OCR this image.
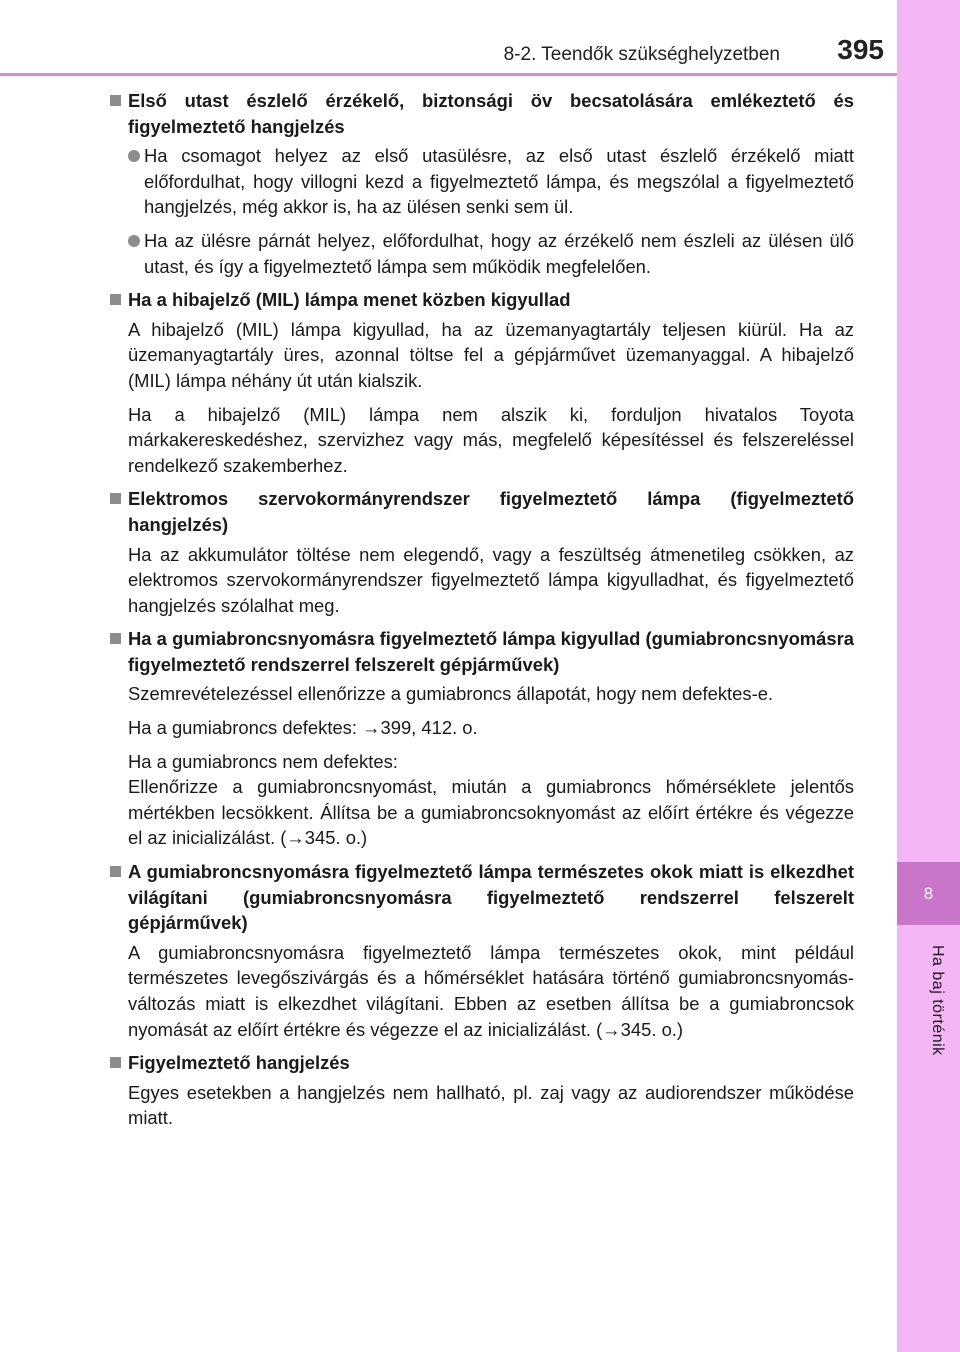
8-2. Teendők szükséghelyzetben 395
8
Ha baj történik
Első utast észlelő érzékelő, biztonsági öv becsatolására emlékeztető és figyelmeztető hangjelzés
Ha csomagot helyez az első utasülésre, az első utast észlelő érzékelő miatt előfordulhat, hogy villogni kezd a figyelmeztető lámpa, és megszólal a figyelmeztető hangjelzés, még akkor is, ha az ülésen senki sem ül.
Ha az ülésre párnát helyez, előfordulhat, hogy az érzékelő nem észleli az ülésen ülő utast, és így a figyelmeztető lámpa sem működik megfelelően.
Ha a hibajelző (MIL) lámpa menet közben kigyullad
A hibajelző (MIL) lámpa kigyullad, ha az üzemanyagtartály teljesen kiürül. Ha az üzemanyagtartály üres, azonnal töltse fel a gépjárművet üzemanyaggal. A hibajelző (MIL) lámpa néhány út után kialszik.
Ha a hibajelző (MIL) lámpa nem alszik ki, forduljon hivatalos Toyota márkakereskedéshez, szervizhez vagy más, megfelelő képesítéssel és felszereléssel rendelkező szakemberhez.
Elektromos szervokormányrendszer figyelmeztető lámpa (figyelmeztető hangjelzés)
Ha az akkumulátor töltése nem elegendő, vagy a feszültség átmenetileg csökken, az elektromos szervokormányrendszer figyelmeztető lámpa kigyulladhat, és figyelmeztető hangjelzés szólalhat meg.
Ha a gumiabroncsnyomásra figyelmeztető lámpa kigyullad (gumiabroncsnyomásra figyelmeztető rendszerrel felszerelt gépjárművek)
Szemrevételezéssel ellenőrizze a gumiabroncs állapotát, hogy nem defektes-e.
Ha a gumiabroncs defektes: →399, 412. o.
Ha a gumiabroncs nem defektes:
Ellenőrizze a gumiabroncsnyomást, miután a gumiabroncs hőmérséklete jelentős mértékben lecsökkent. Állítsa be a gumiabroncsoknyomást az előírt értékre és végezze el az inicializálást. (→345. o.)
A gumiabroncsnyomásra figyelmeztető lámpa természetes okok miatt is elkezdhet világítani (gumiabroncsnyomásra figyelmeztető rendszerrel felszerelt gépjárművek)
A gumiabroncsnyomásra figyelmeztető lámpa természetes okok, mint például természetes levegőszivárgás és a hőmérséklet hatására történő gumiabroncsnyomás-változás miatt is elkezdhet világítani. Ebben az esetben állítsa be a gumiabroncsok nyomását az előírt értékre és végezze el az inicializálást. (→345. o.)
Figyelmeztető hangjelzés
Egyes esetekben a hangjelzés nem hallható, pl. zaj vagy az audiorendszer működése miatt.
